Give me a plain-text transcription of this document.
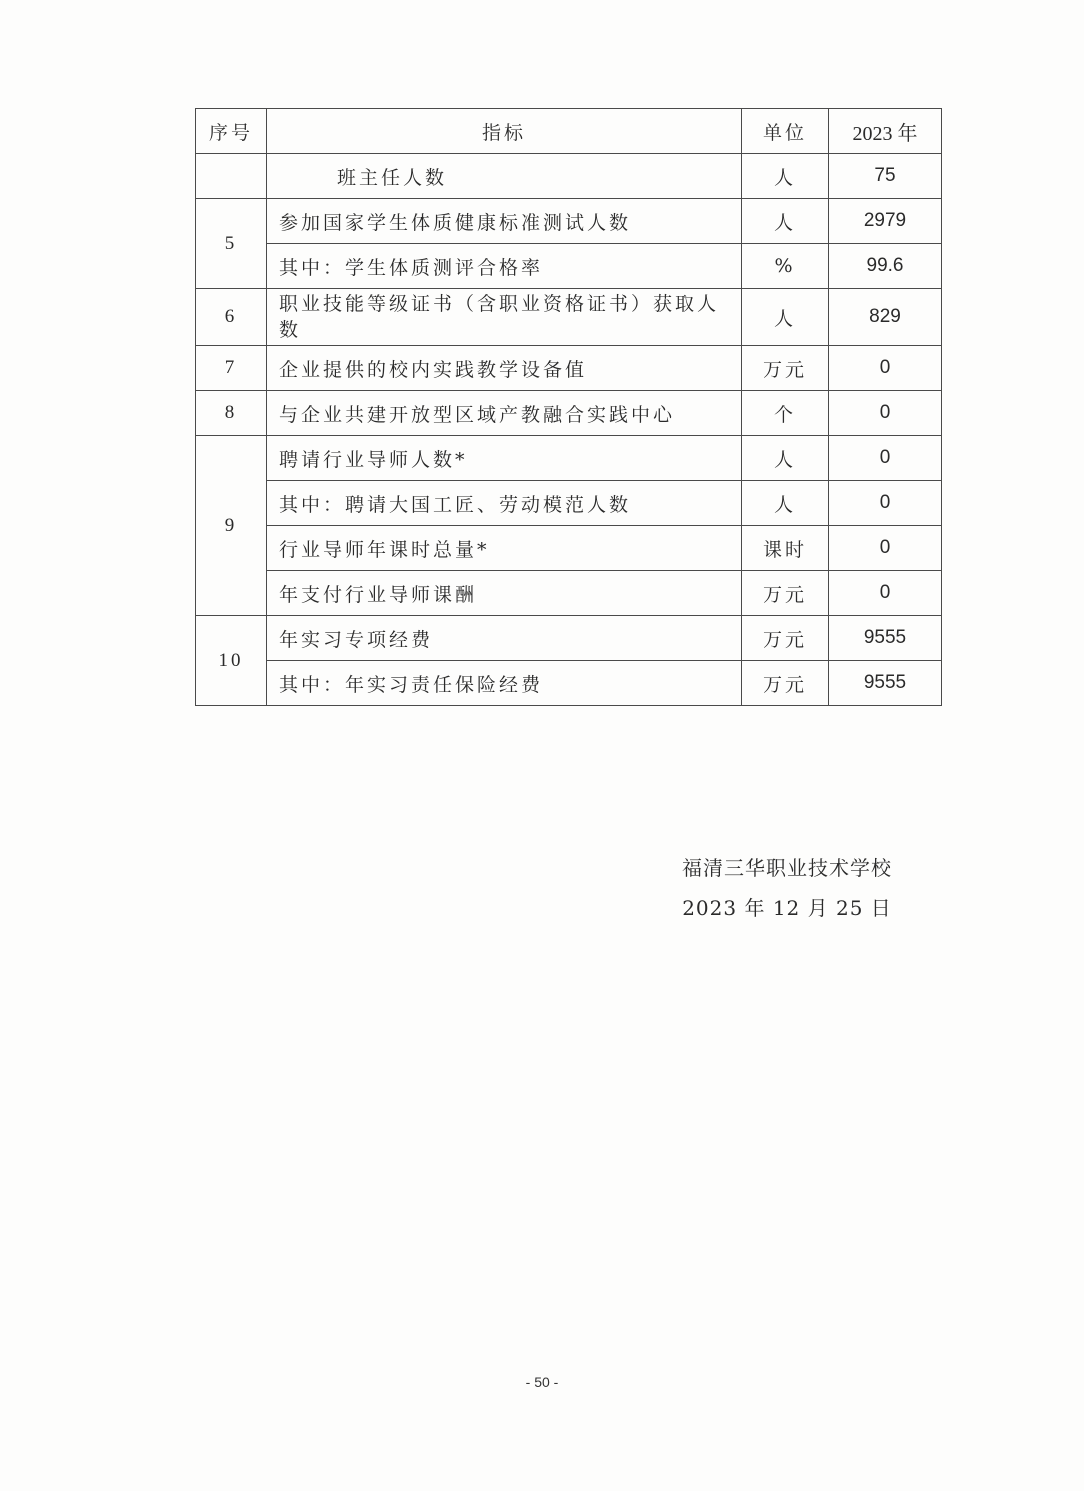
序号	指标	单位	2023 年
	班主任人数	人	75
5	参加国家学生体质健康标准测试人数	人	2979
	其中：学生体质测评合格率	%	99.6
6	职业技能等级证书（含职业资格证书）获取人数	人	829
7	企业提供的校内实践教学设备值	万元	0
8	与企业共建开放型区域产教融合实践中心	个	0
9	聘请行业导师人数*	人	0
	其中：聘请大国工匠、劳动模范人数	人	0
	行业导师年课时总量*	课时	0
	年支付行业导师课酬	万元	0
10	年实习专项经费	万元	9555
	其中：年实习责任保险经费	万元	9555
福清三华职业技术学校
2023 年 12 月 25 日
- 50 -
